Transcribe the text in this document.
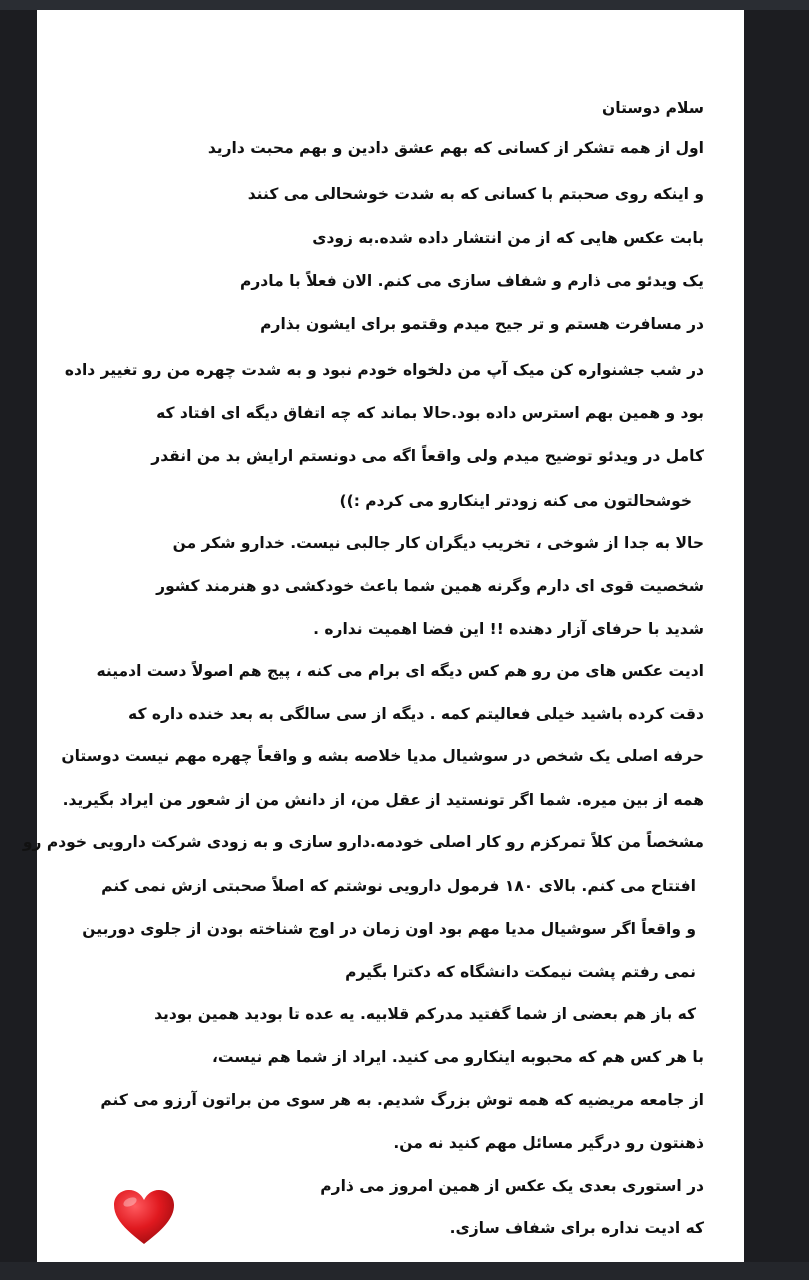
سلام دوستان
اول از همه تشکر از کسانی که بهم عشق دادین و بهم محبت دارید
و اینکه روی صحبتم با کسانی که به شدت خوشحالی می کنند
بابت عکس هایی که از من انتشار داده شده.به زودی
یک ویدئو می ذارم و شفاف سازی می کنم. الان فعلاً با مادرم
در مسافرت هستم و تر جیح میدم وقتمو برای ایشون بذارم
در شب جشنواره کن میک آپ من دلخواه خودم نبود و به شدت چهره من رو تغییر داده
بود و همین بهم استرس داده بود.حالا بماند که چه اتفاق دیگه ای افتاد که
کامل در ویدئو توضیح میدم ولی واقعاً اگه می دونستم ارایش بد من انقدر
خوشحالتون می کنه زودتر اینکارو می کردم :))
حالا به جدا از شوخی ، تخریب دیگران کار جالبی نیست. خدارو شکر من
شخصیت قوی ای دارم وگرنه همین شما باعث خودکشی دو هنرمند کشور
شدید با حرفای آزار دهنده !! این فضا اهمیت نداره .
ادیت عکس های من رو هم کس دیگه ای برام می کنه ، پیج هم اصولاً دست ادمینه
دقت کرده باشید خیلی فعالیتم کمه . دیگه از سی سالگی به بعد خنده داره که
حرفه اصلی یک شخص در سوشیال مدیا خلاصه بشه و واقعاً چهره مهم نیست دوستان
همه از بین میره. شما اگر تونستید از عقل من، از دانش من از شعور من ایراد بگیرید.
مشخصاً من کلاً تمرکزم رو کار اصلی خودمه.دارو سازی و به زودی شرکت دارویی خودم رو
افتتاح می کنم. بالای ۱۸۰ فرمول دارویی نوشتم که اصلاً صحبتی ازش نمی کنم
و واقعاً اگر سوشیال مدیا مهم بود اون زمان در اوج شناخته بودن از جلوی دوربین
نمی رفتم پشت نیمکت دانشگاه که دکترا بگیرم
که باز هم بعضی از شما گفتید مدرکم قلابیه. یه عده تا بودید همین بودید
با هر کس هم که محبوبه اینکارو می کنید. ایراد از شما هم نیست،
از جامعه مریضیه که همه توش بزرگ شدیم. به هر سوی من براتون آرزو می کنم
ذهنتون رو درگیر مسائل مهم کنید نه من.
در استوری بعدی یک عکس از همین امروز می ذارم
که ادیت نداره برای شفاف سازی.
